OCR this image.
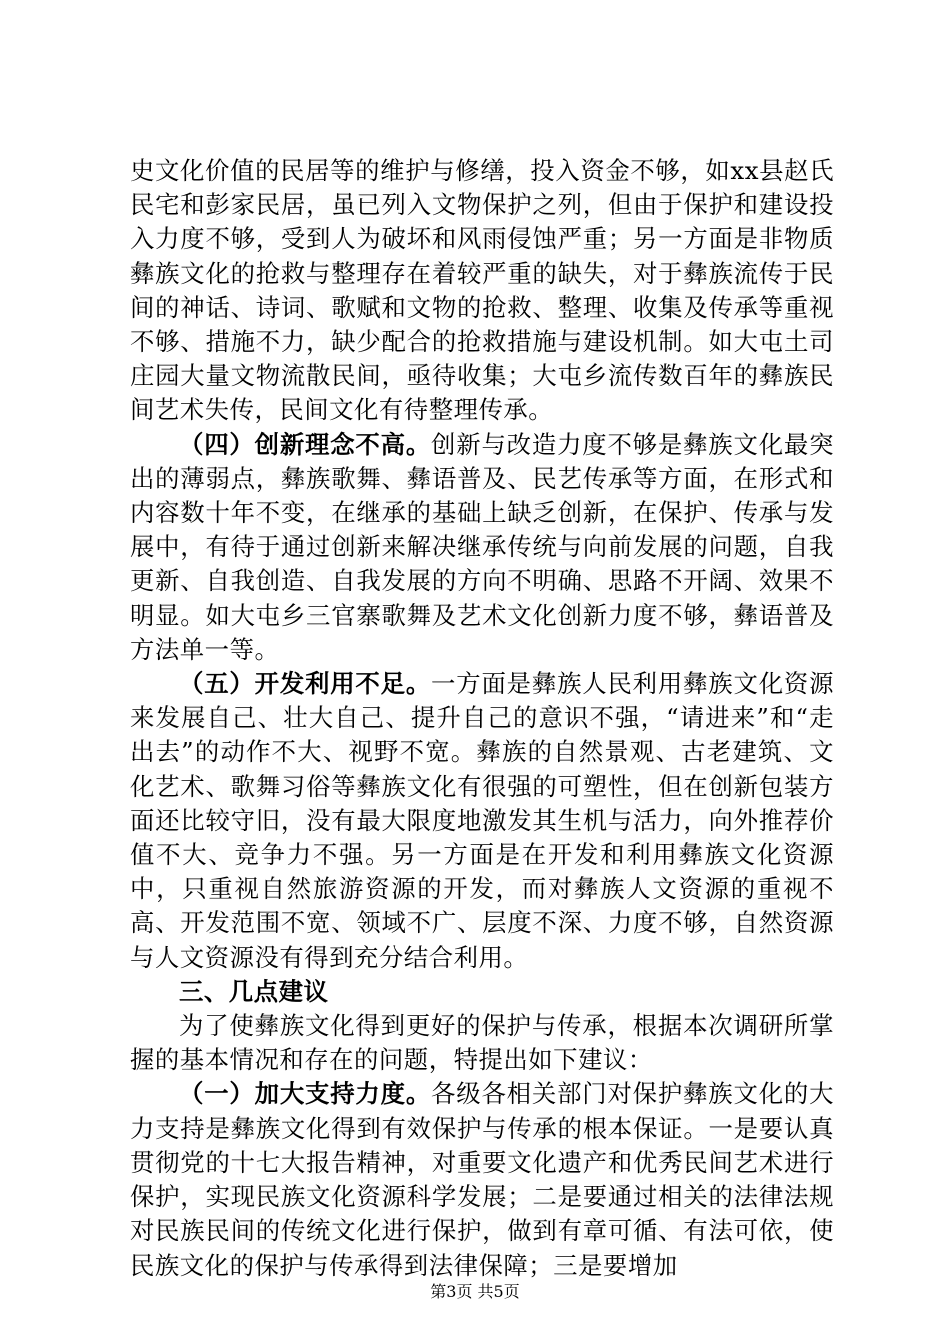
史文化价值的民居等的维护与修缮，投入资金不够，如xx县赵氏民宅和彭家民居，虽已列入文物保护之列，但由于保护和建设投入力度不够，受到人为破坏和风雨侵蚀严重；另一方面是非物质彝族文化的抢救与整理存在着较严重的缺失，对于彝族流传于民间的神话、诗词、歌赋和文物的抢救、整理、收集及传承等重视不够、措施不力，缺少配合的抢救措施与建设机制。如大屯土司庄园大量文物流散民间，亟待收集；大屯乡流传数百年的彝族民间艺术失传，民间文化有待整理传承。

（四）创新理念不高。创新与改造力度不够是彝族文化最突出的薄弱点，彝族歌舞、彝语普及、民艺传承等方面，在形式和内容数十年不变，在继承的基础上缺乏创新，在保护、传承与发展中，有待于通过创新来解决继承传统与向前发展的问题，自我更新、自我创造、自我发展的方向不明确、思路不开阔、效果不明显。如大屯乡三官寨歌舞及艺术文化创新力度不够，彝语普及方法单一等。

（五）开发利用不足。一方面是彝族人民利用彝族文化资源来发展自己、壮大自己、提升自己的意识不强，“请进来”和“走出去”的动作不大、视野不宽。彝族的自然景观、古老建筑、文化艺术、歌舞习俗等彝族文化有很强的可塑性，但在创新包装方面还比较守旧，没有最大限度地激发其生机与活力，向外推荐价值不大、竞争力不强。另一方面是在开发和利用彝族文化资源中，只重视自然旅游资源的开发，而对彝族人文资源的重视不高、开发范围不宽、领域不广、层度不深、力度不够，自然资源与人文资源没有得到充分结合利用。

三、几点建议

为了使彝族文化得到更好的保护与传承，根据本次调研所掌握的基本情况和存在的问题，特提出如下建议：

（一）加大支持力度。各级各相关部门对保护彝族文化的大力支持是彝族文化得到有效保护与传承的根本保证。一是要认真贯彻党的十七大报告精神，对重要文化遗产和优秀民间艺术进行保护，实现民族文化资源科学发展；二是要通过相关的法律法规对民族民间的传统文化进行保护，做到有章可循、有法可依，使民族文化的保护与传承得到法律保障；三是要增加

第3页 共5页
